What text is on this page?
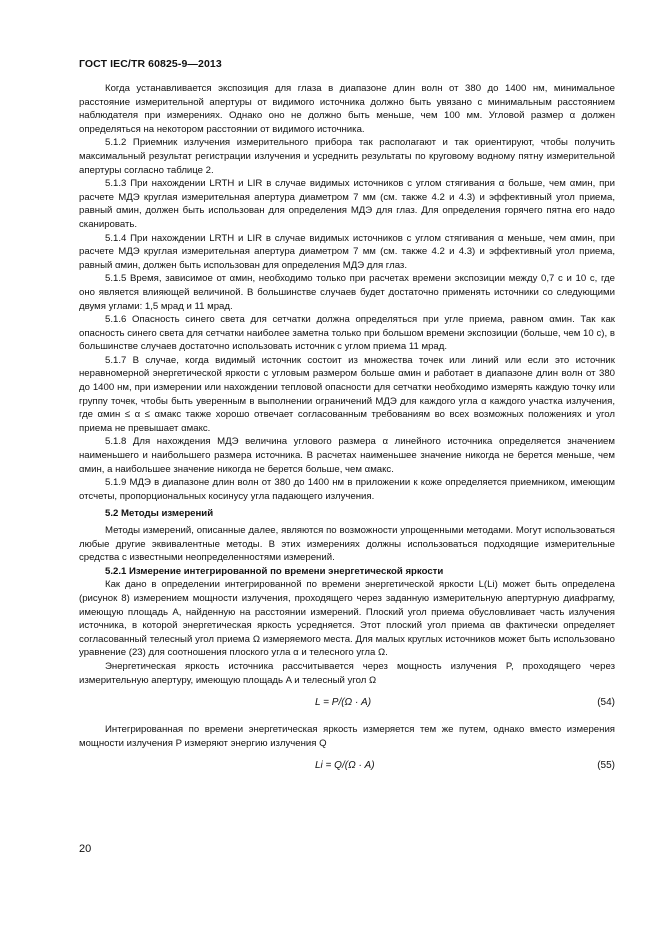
ГОСТ IEC/TR 60825-9—2013

Когда устанавливается экспозиция для глаза в диапазоне длин волн от 380 до 1400 нм, минимальное расстояние измерительной апертуры от видимого источника должно быть увязано с минимальным расстоянием наблюдателя при измерениях. Однако оно не должно быть меньше, чем 100 мм. Угловой размер α должен определяться на некотором расстоянии от видимого источника.

5.1.2 Приемник излучения измерительного прибора так располагают и так ориентируют, чтобы получить максимальный результат регистрации излучения и усреднить результаты по круговому водному пятну измерительной апертуры согласно таблице 2.

5.1.3 При нахождении LRTH и LIR в случае видимых источников с углом стягивания α больше, чем αмин, при расчете МДЭ круглая измерительная апертура диаметром 7 мм (см. также 4.2 и 4.3) и эффективный угол приема, равный αмин, должен быть использован для определения МДЭ для глаз. Для определения горячего пятна его надо сканировать.

5.1.4 При нахождении LRTH и LIR в случае видимых источников с углом стягивания α меньше, чем αмин, при расчете МДЭ круглая измерительная апертура диаметром 7 мм (см. также 4.2 и 4.3) и эффективный угол приема, равный αмин, должен быть использован для определения МДЭ для глаз.

5.1.5 Время, зависимое от αмин, необходимо только при расчетах времени экспозиции между 0,7 с и 10 с, где оно является влияющей величиной. В большинстве случаев будет достаточно применять источники со следующими двумя углами: 1,5 мрад и 11 мрад.

5.1.6 Опасность синего света для сетчатки должна определяться при угле приема, равном αмин. Так как опасность синего света для сетчатки наиболее заметна только при большом времени экспозиции (больше, чем 10 с), в большинстве случаев достаточно использовать источник с углом приема 11 мрад.

5.1.7 В случае, когда видимый источник состоит из множества точек или линий или если это источник неравномерной энергетической яркости с угловым размером больше αмин и работает в диапазоне длин волн от 380 до 1400 нм, при измерении или нахождении тепловой опасности для сетчатки необходимо измерять каждую точку или группу точек, чтобы быть уверенным в выполнении ограничений МДЭ для каждого угла α каждого участка излучения, где αмин ≤ α ≤ αмакс также хорошо отвечает согласованным требованиям во всех возможных положениях и угол приема не превышает αмакс.

5.1.8 Для нахождения МДЭ величина углового размера α линейного источника определяется значением наименьшего и наибольшего размера источника. В расчетах наименьшее значение никогда не берется меньше, чем αмин, а наибольшее значение никогда не берется больше, чем αмакс.

5.1.9 МДЭ в диапазоне длин волн от 380 до 1400 нм в приложении к коже определяется приемником, имеющим отсчеты, пропорциональных косинусу угла падающего излучения.

5.2 Методы измерений

Методы измерений, описанные далее, являются по возможности упрощенными методами. Могут использоваться любые другие эквивалентные методы. В этих измерениях должны использоваться подходящие измерительные средства с известными неопределенностями измерений.

5.2.1 Измерение интегрированной по времени энергетической яркости

Как дано в определении интегрированной по времени энергетической яркости L(Li) может быть определена (рисунок 8) измерением мощности излучения, проходящего через заданную измерительную апертурную диафрагму, имеющую площадь A, найденную на расстоянии измерений. Плоский угол приема обусловливает часть излучения источника, в которой энергетическая яркость усредняется. Этот плоский угол приема αв фактически определяет согласованный телесный угол приема Ω измеряемого места. Для малых круглых источников может быть использовано уравнение (23) для соотношения плоского угла α и телесного угла Ω.

Энергетическая яркость источника рассчитывается через мощность излучения P, проходящего через измерительную апертуру, имеющую площадь A и телесный угол Ω

L = P/(Ω · A)	(54)

Интегрированная по времени энергетическая яркость измеряется тем же путем, однако вместо измерения мощности излучения P измеряют энергию излучения Q

Li = Q/(Ω · A)	(55)
20
